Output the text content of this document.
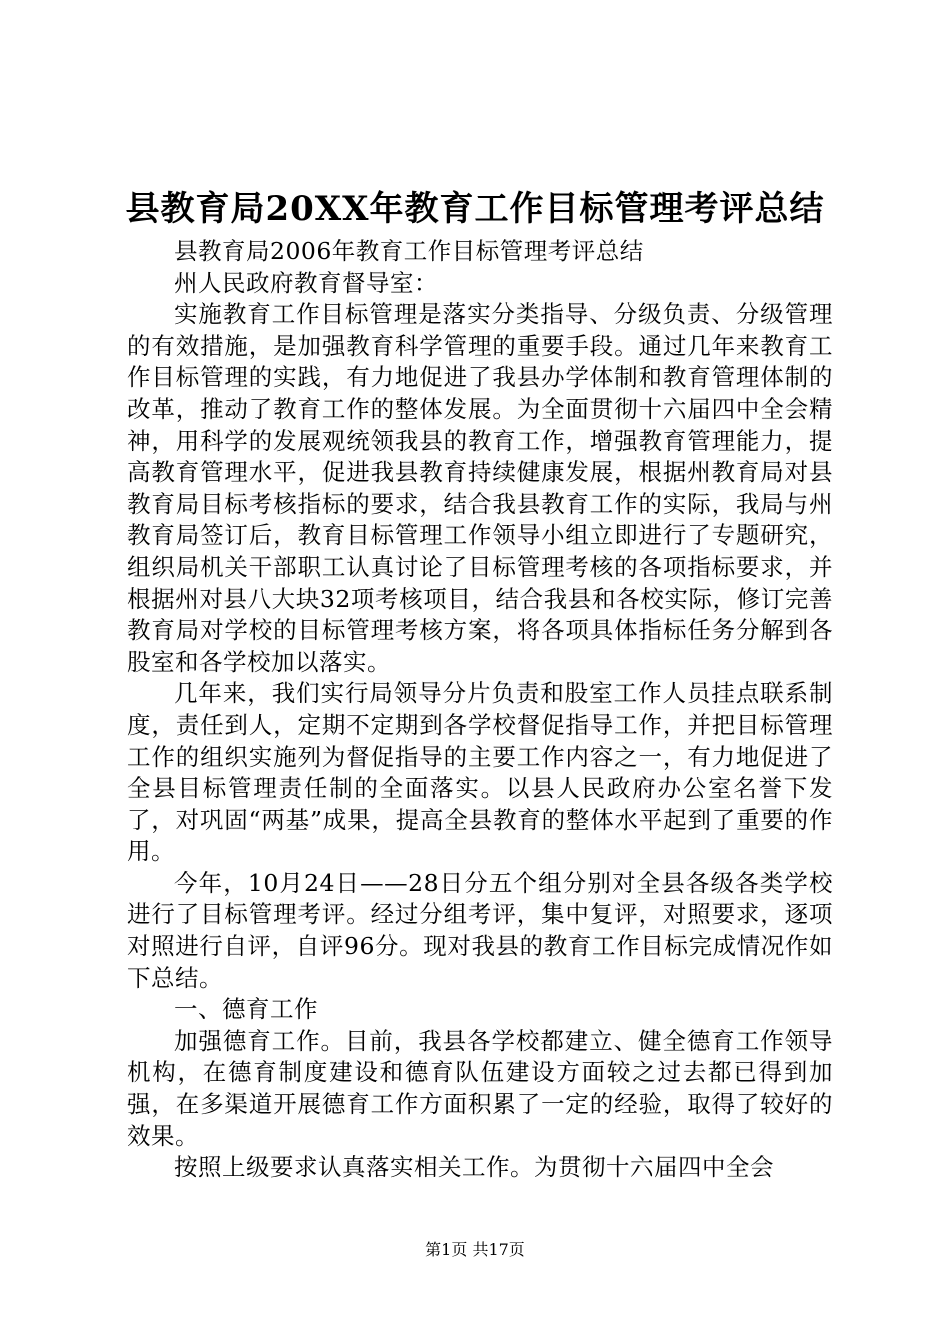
县教育局20XX年教育工作目标管理考评总结

县教育局2006年教育工作目标管理考评总结

州人民政府教育督导室：

实施教育工作目标管理是落实分类指导、分级负责、分级管理的有效措施，是加强教育科学管理的重要手段。通过几年来教育工作目标管理的实践，有力地促进了我县办学体制和教育管理体制的改革，推动了教育工作的整体发展。为全面贯彻十六届四中全会精神，用科学的发展观统领我县的教育工作，增强教育管理能力，提高教育管理水平，促进我县教育持续健康发展，根据州教育局对县教育局目标考核指标的要求，结合我县教育工作的实际，我局与州教育局签订后，教育目标管理工作领导小组立即进行了专题研究，组织局机关干部职工认真讨论了目标管理考核的各项指标要求，并根据州对县八大块32项考核项目，结合我县和各校实际，修订完善教育局对学校的目标管理考核方案，将各项具体指标任务分解到各股室和各学校加以落实。

几年来，我们实行局领导分片负责和股室工作人员挂点联系制度，责任到人，定期不定期到各学校督促指导工作，并把目标管理工作的组织实施列为督促指导的主要工作内容之一，有力地促进了全县目标管理责任制的全面落实。以县人民政府办公室名誉下发了，对巩固“两基”成果，提高全县教育的整体水平起到了重要的作用。

今年，10月24日——28日分五个组分别对全县各级各类学校进行了目标管理考评。经过分组考评，集中复评，对照要求，逐项对照进行自评，自评96分。现对我县的教育工作目标完成情况作如下总结。

一、德育工作

加强德育工作。目前，我县各学校都建立、健全德育工作领导机构，在德育制度建设和德育队伍建设方面较之过去都已得到加强，在多渠道开展德育工作方面积累了一定的经验，取得了较好的效果。

按照上级要求认真落实相关工作。为贯彻十六届四中全会

第1页 共17页
